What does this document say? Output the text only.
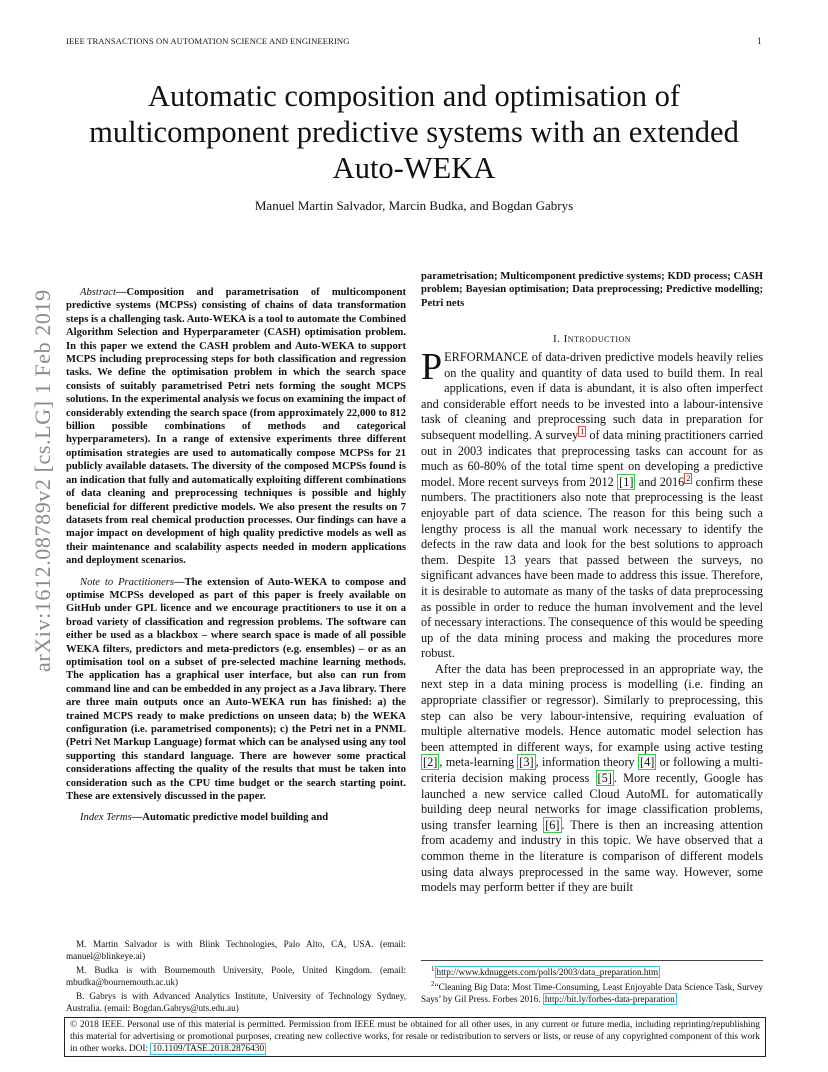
IEEE TRANSACTIONS ON AUTOMATION SCIENCE AND ENGINEERING	1
Automatic composition and optimisation of multicomponent predictive systems with an extended Auto-WEKA
Manuel Martin Salvador, Marcin Budka, and Bogdan Gabrys
arXiv:1612.08789v2 [cs.LG] 1 Feb 2019	Abstract—Composition and parametrisation of multicomponent predictive systems (MCPSs) consisting of chains of data transformation steps is a challenging task. Auto-WEKA is a tool to automate the Combined Algorithm Selection and Hyperparameter (CASH) optimisation problem. In this paper we extend the CASH problem and Auto-WEKA to support MCPS including preprocessing steps for both classification and regression tasks. We define the optimisation problem in which the search space consists of suitably parametrised Petri nets forming the sought MCPS solutions. In the experimental analysis we focus on examining the impact of considerably extending the search space (from approximately 22,000 to 812 billion possible combinations of methods and categorical hyperparameters). In a range of extensive experiments three different optimisation strategies are used to automatically compose MCPSs for 21 publicly available datasets. The diversity of the composed MCPSs found is an indication that fully and automatically exploiting different combinations of data cleaning and preprocessing techniques is possible and highly beneficial for different predictive models. We also present the results on 7 datasets from real chemical production processes. Our findings can have a major impact on development of high quality predictive models as well as their maintenance and scalability aspects needed in modern applications and deployment scenarios.

Note to Practitioners—The extension of Auto-WEKA to compose and optimise MCPSs developed as part of this paper is freely available on GitHub under GPL licence and we encourage practitioners to use it on a broad variety of classification and regression problems. The software can either be used as a blackbox – where search space is made of all possible WEKA filters, predictors and meta-predictors (e.g. ensembles) – or as an optimisation tool on a subset of pre-selected machine learning methods. The application has a graphical user interface, but also can run from command line and can be embedded in any project as a Java library. There are three main outputs once an Auto-WEKA run has finished: a) the trained MCPS ready to make predictions on unseen data; b) the WEKA configuration (i.e. parametrised components); c) the Petri net in a PNML (Petri Net Markup Language) format which can be analysed using any tool supporting this standard language. There are however some practical considerations affecting the quality of the results that must be taken into consideration such as the CPU time budget or the search starting point. These are extensively discussed in the paper.

Index Terms—Automatic predictive model building and

M. Martin Salvador is with Blink Technologies, Palo Alto, CA, USA. (email: manuel@blinkeye.ai)

M. Budka is with Bournemouth University, Poole, United Kingdom. (email: mbudka@bournemouth.ac.uk)

B. Gabrys is with Advanced Analytics Institute, University of Technology Sydney, Australia. (email: Bogdan.Gabrys@uts.edu.au)

parametrisation; Multicomponent predictive systems; KDD process; CASH problem; Bayesian optimisation; Data preprocessing; Predictive modelling; Petri nets
I. Introduction

PERFORMANCE of data-driven predictive models heavily relies on the quality and quantity of data used to build them. In real applications, even if data is abundant, it is also often imperfect and considerable effort needs to be invested into a labour-intensive task of cleaning and preprocessing such data in preparation for subsequent modelling. A survey $^1$ of data mining practitioners carried out in 2003 indicates that preprocessing tasks can account for as much as 60-80% of the total time spent on developing a predictive model. More recent surveys from 2012 [1] and 2016 $^2$ confirm these numbers. The practitioners also note that preprocessing is the least enjoyable part of data science. The reason for this being such a lengthy process is all the manual work necessary to identify the defects in the raw data and look for the best solutions to approach them. Despite 13 years that passed between the surveys, no significant advances have been made to address this issue. Therefore, it is desirable to automate as many of the tasks of data preprocessing as possible in order to reduce the human involvement and the level of necessary interactions. The consequence of this would be speeding up of the data mining process and making the procedures more robust.

After the data has been preprocessed in an appropriate way, the next step in a data mining process is modelling (i.e. finding an appropriate classifier or regressor). Similarly to preprocessing, this step can also be very labour-intensive, requiring evaluation of multiple alternative models. Hence automatic model selection has been attempted in different ways, for example using active testing [2] , meta-learning [3] , information theory [4] or following a multi-criteria decision making process [5] . More recently, Google has launched a new service called Cloud AutoML for automatically building deep neural networks for image classification problems, using transfer learning [6] . There is then an increasing attention from academy and industry in this topic. We have observed that a common theme in the literature is comparison of different models using data always preprocessed in the same way. However, some models may perform better if they are built

$^1$ http://www.kdnuggets.com/polls/2003/data_preparation.htm

$^2$“Cleaning Big Data: Most Time-Consuming, Least Enjoyable Data Science Task, Survey Says’ by Gil Press. Forbes 2016. http://bit.ly/forbes-data-preparation

© 2018 IEEE. Personal use of this material is permitted. Permission from IEEE must be obtained for all other uses, in any current or future media, including reprinting/republishing this material for advertising or promotional purposes, creating new collective works, for resale or redistribution to servers or lists, or reuse of any copyrighted component of this work in other works. DOI: 10.1109/TASE.2018.2876430
